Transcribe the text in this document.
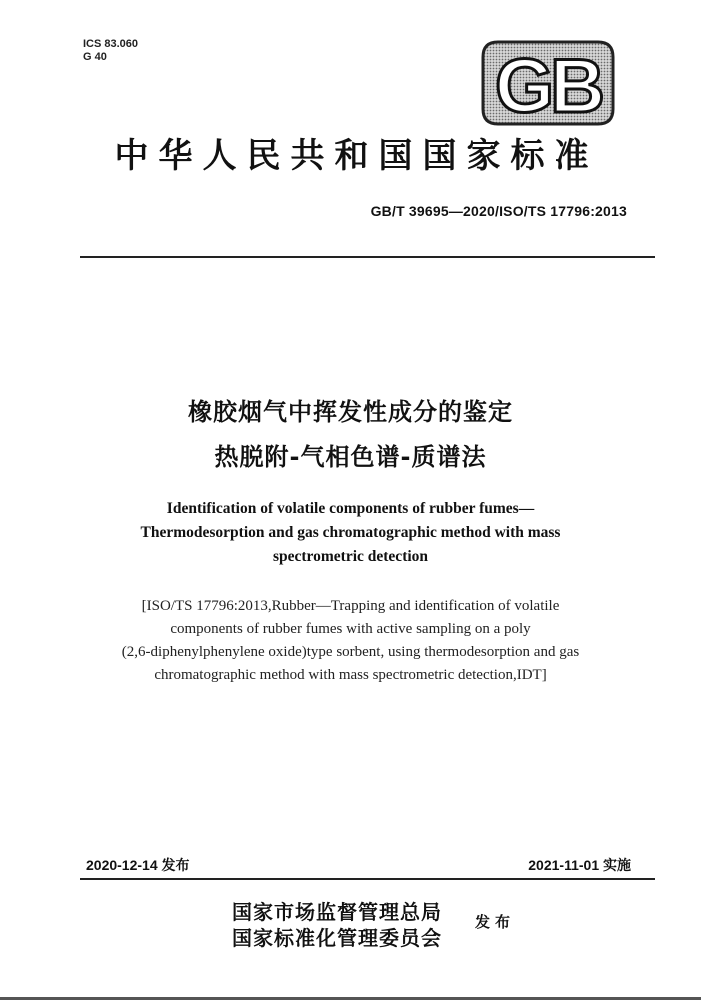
ICS 83.060
G 40	GB
中华人民共和国国家标准
GB/T 39695—2020/ISO/TS 17796:2013
橡胶烟气中挥发性成分的鉴定
热脱附-气相色谱-质谱法
Identification of volatile components of rubber fumes—
Thermodesorption and gas chromatographic method with mass
spectrometric detection
[ISO/TS 17796:2013,Rubber—Trapping and identification of volatile
components of rubber fumes with active sampling on a poly
(2,6-diphenylphenylene oxide)type sorbent, using thermodesorption and gas
chromatographic method with mass spectrometric detection,IDT]
2020-12-14 发布	2021-11-01 实施
国家市场监督管理总局
国家标准化管理委员会
发布
